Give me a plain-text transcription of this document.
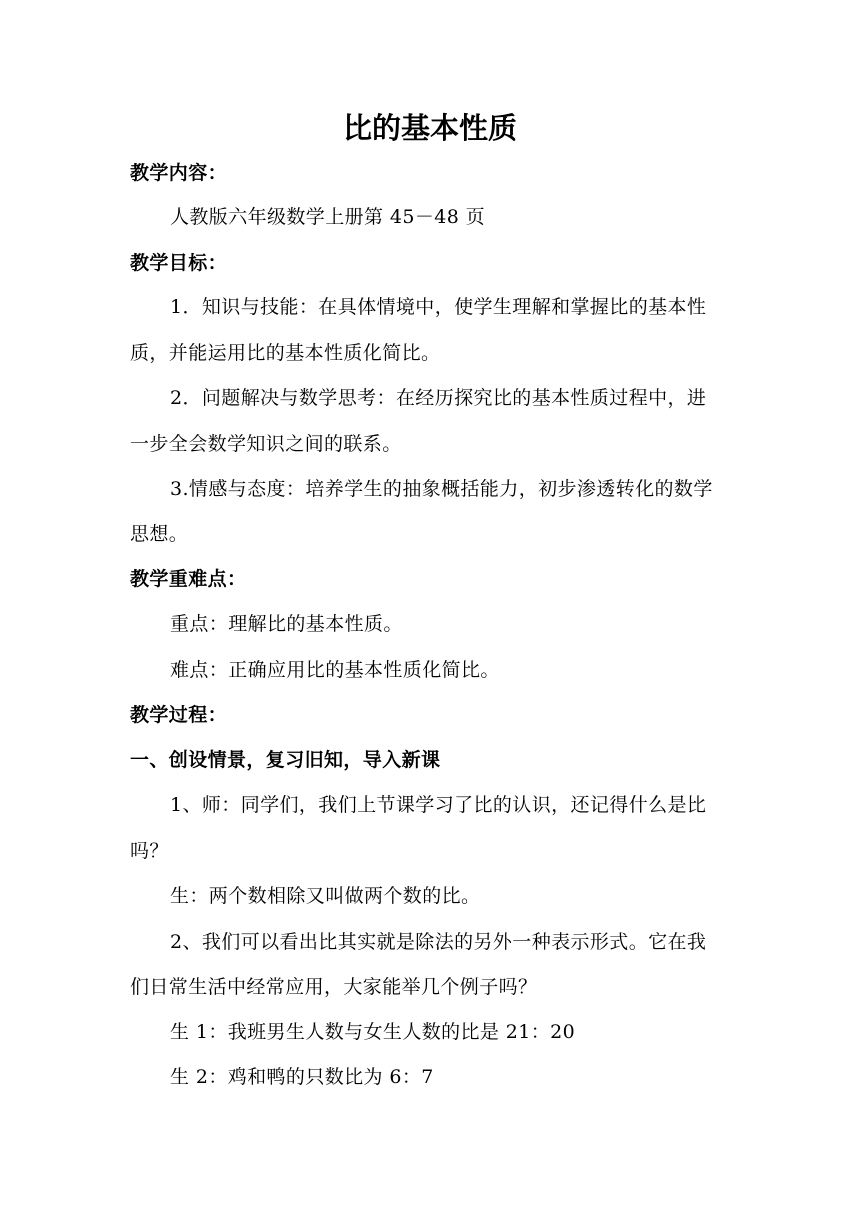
比的基本性质
教学内容：
人教版六年级数学上册第 45－48 页
教学目标：
1．知识与技能：在具体情境中，使学生理解和掌握比的基本性
质，并能运用比的基本性质化简比。
2．问题解决与数学思考：在经历探究比的基本性质过程中，进
一步全会数学知识之间的联系。
3.情感与态度：培养学生的抽象概括能力，初步渗透转化的数学
思想。
教学重难点：
重点：理解比的基本性质。
难点：正确应用比的基本性质化简比。
教学过程：
一、创设情景，复习旧知，导入新课
1、师：同学们，我们上节课学习了比的认识，还记得什么是比
吗？
生：两个数相除又叫做两个数的比。
2、我们可以看出比其实就是除法的另外一种表示形式。它在我
们日常生活中经常应用，大家能举几个例子吗？
生 1：我班男生人数与女生人数的比是 21：20
生 2：鸡和鸭的只数比为 6：7
